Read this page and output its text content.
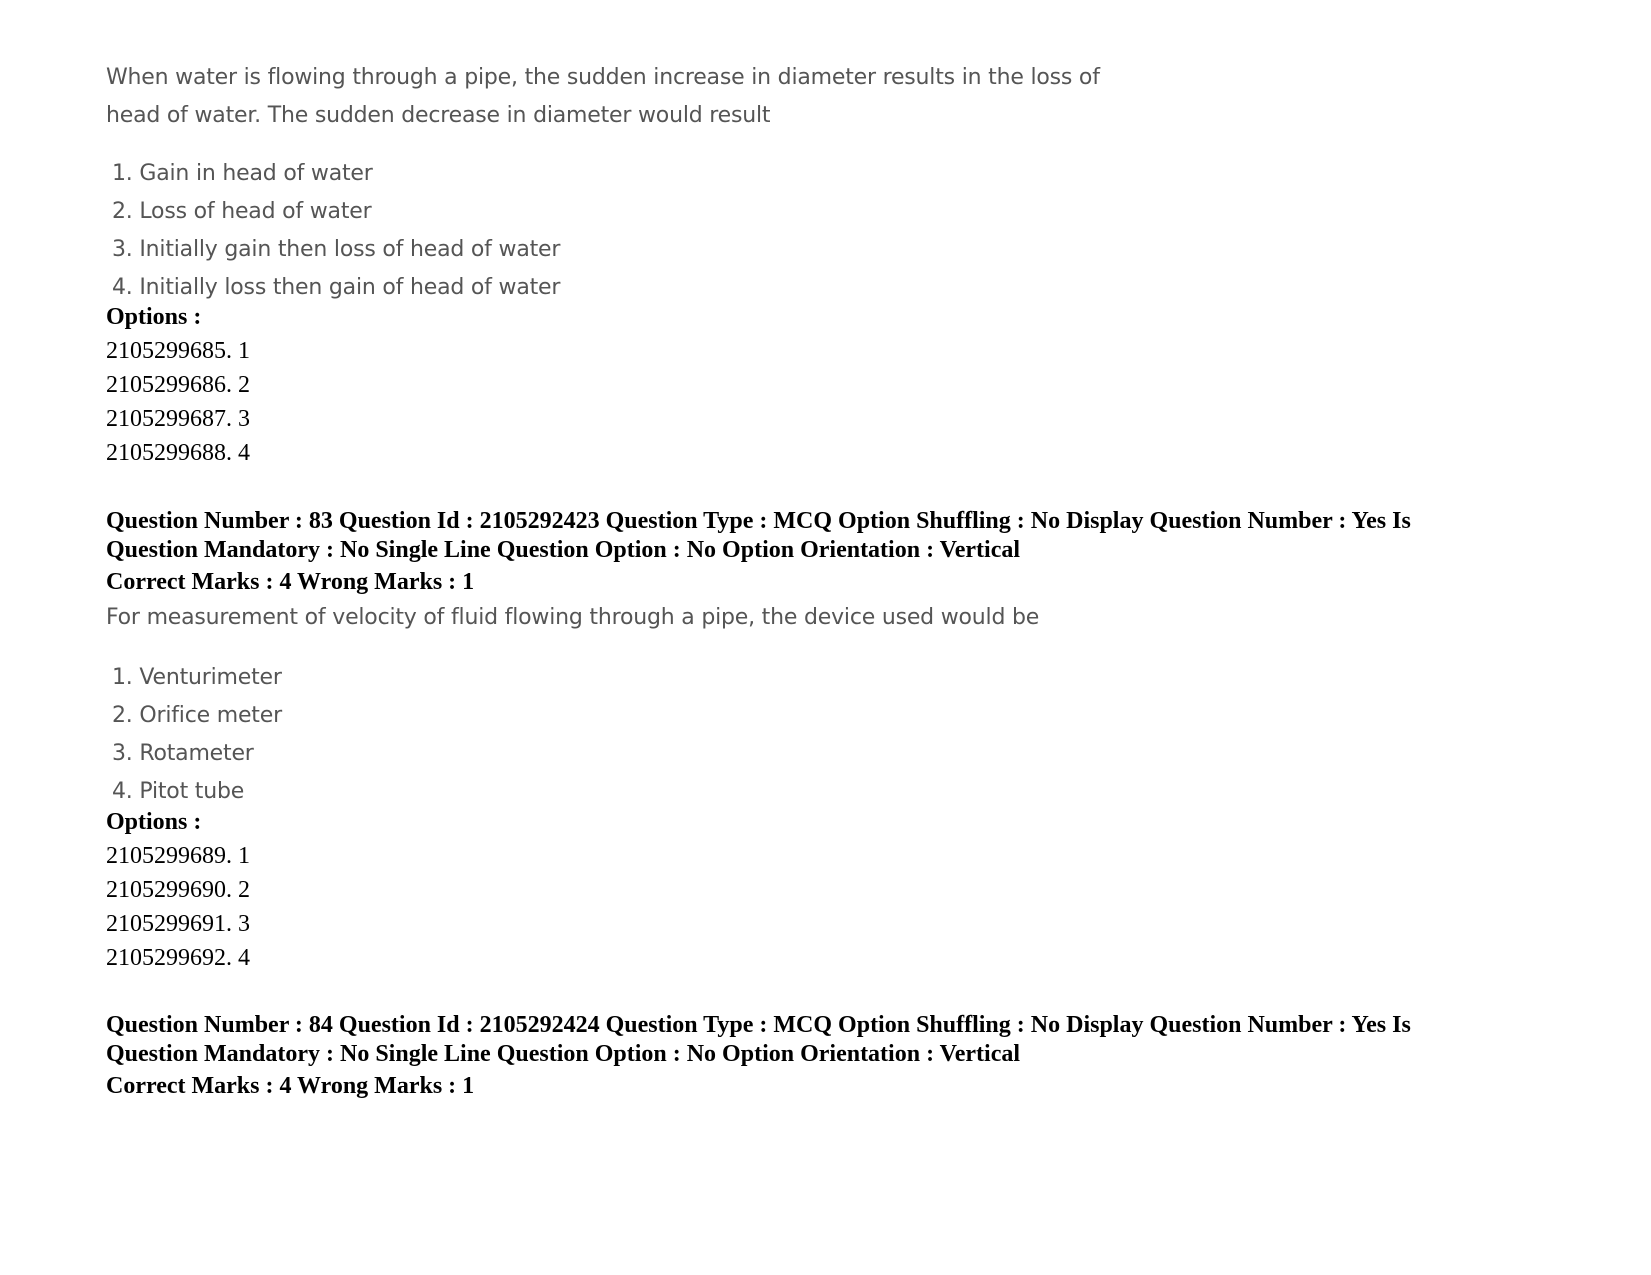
When water is flowing through a pipe, the sudden increase in diameter results in the loss of

head of water. The sudden decrease in diameter would result

1. Gain in head of water
2. Loss of head of water
3. Initially gain then loss of head of water
4. Initially loss then gain of head of water

Options :

2105299685. 1

2105299686. 2

2105299687. 3

2105299688. 4

Question Number : 83 Question Id : 2105292423 Question Type : MCQ Option Shuffling : No Display Question Number : Yes Is

Question Mandatory : No Single Line Question Option : No Option Orientation : Vertical

Correct Marks : 4 Wrong Marks : 1

For measurement of velocity of fluid flowing through a pipe, the device used would be

1. Venturimeter
2. Orifice meter
3. Rotameter
4. Pitot tube

Options :

2105299689. 1

2105299690. 2

2105299691. 3

2105299692. 4

Question Number : 84 Question Id : 2105292424 Question Type : MCQ Option Shuffling : No Display Question Number : Yes Is

Question Mandatory : No Single Line Question Option : No Option Orientation : Vertical

Correct Marks : 4 Wrong Marks : 1
